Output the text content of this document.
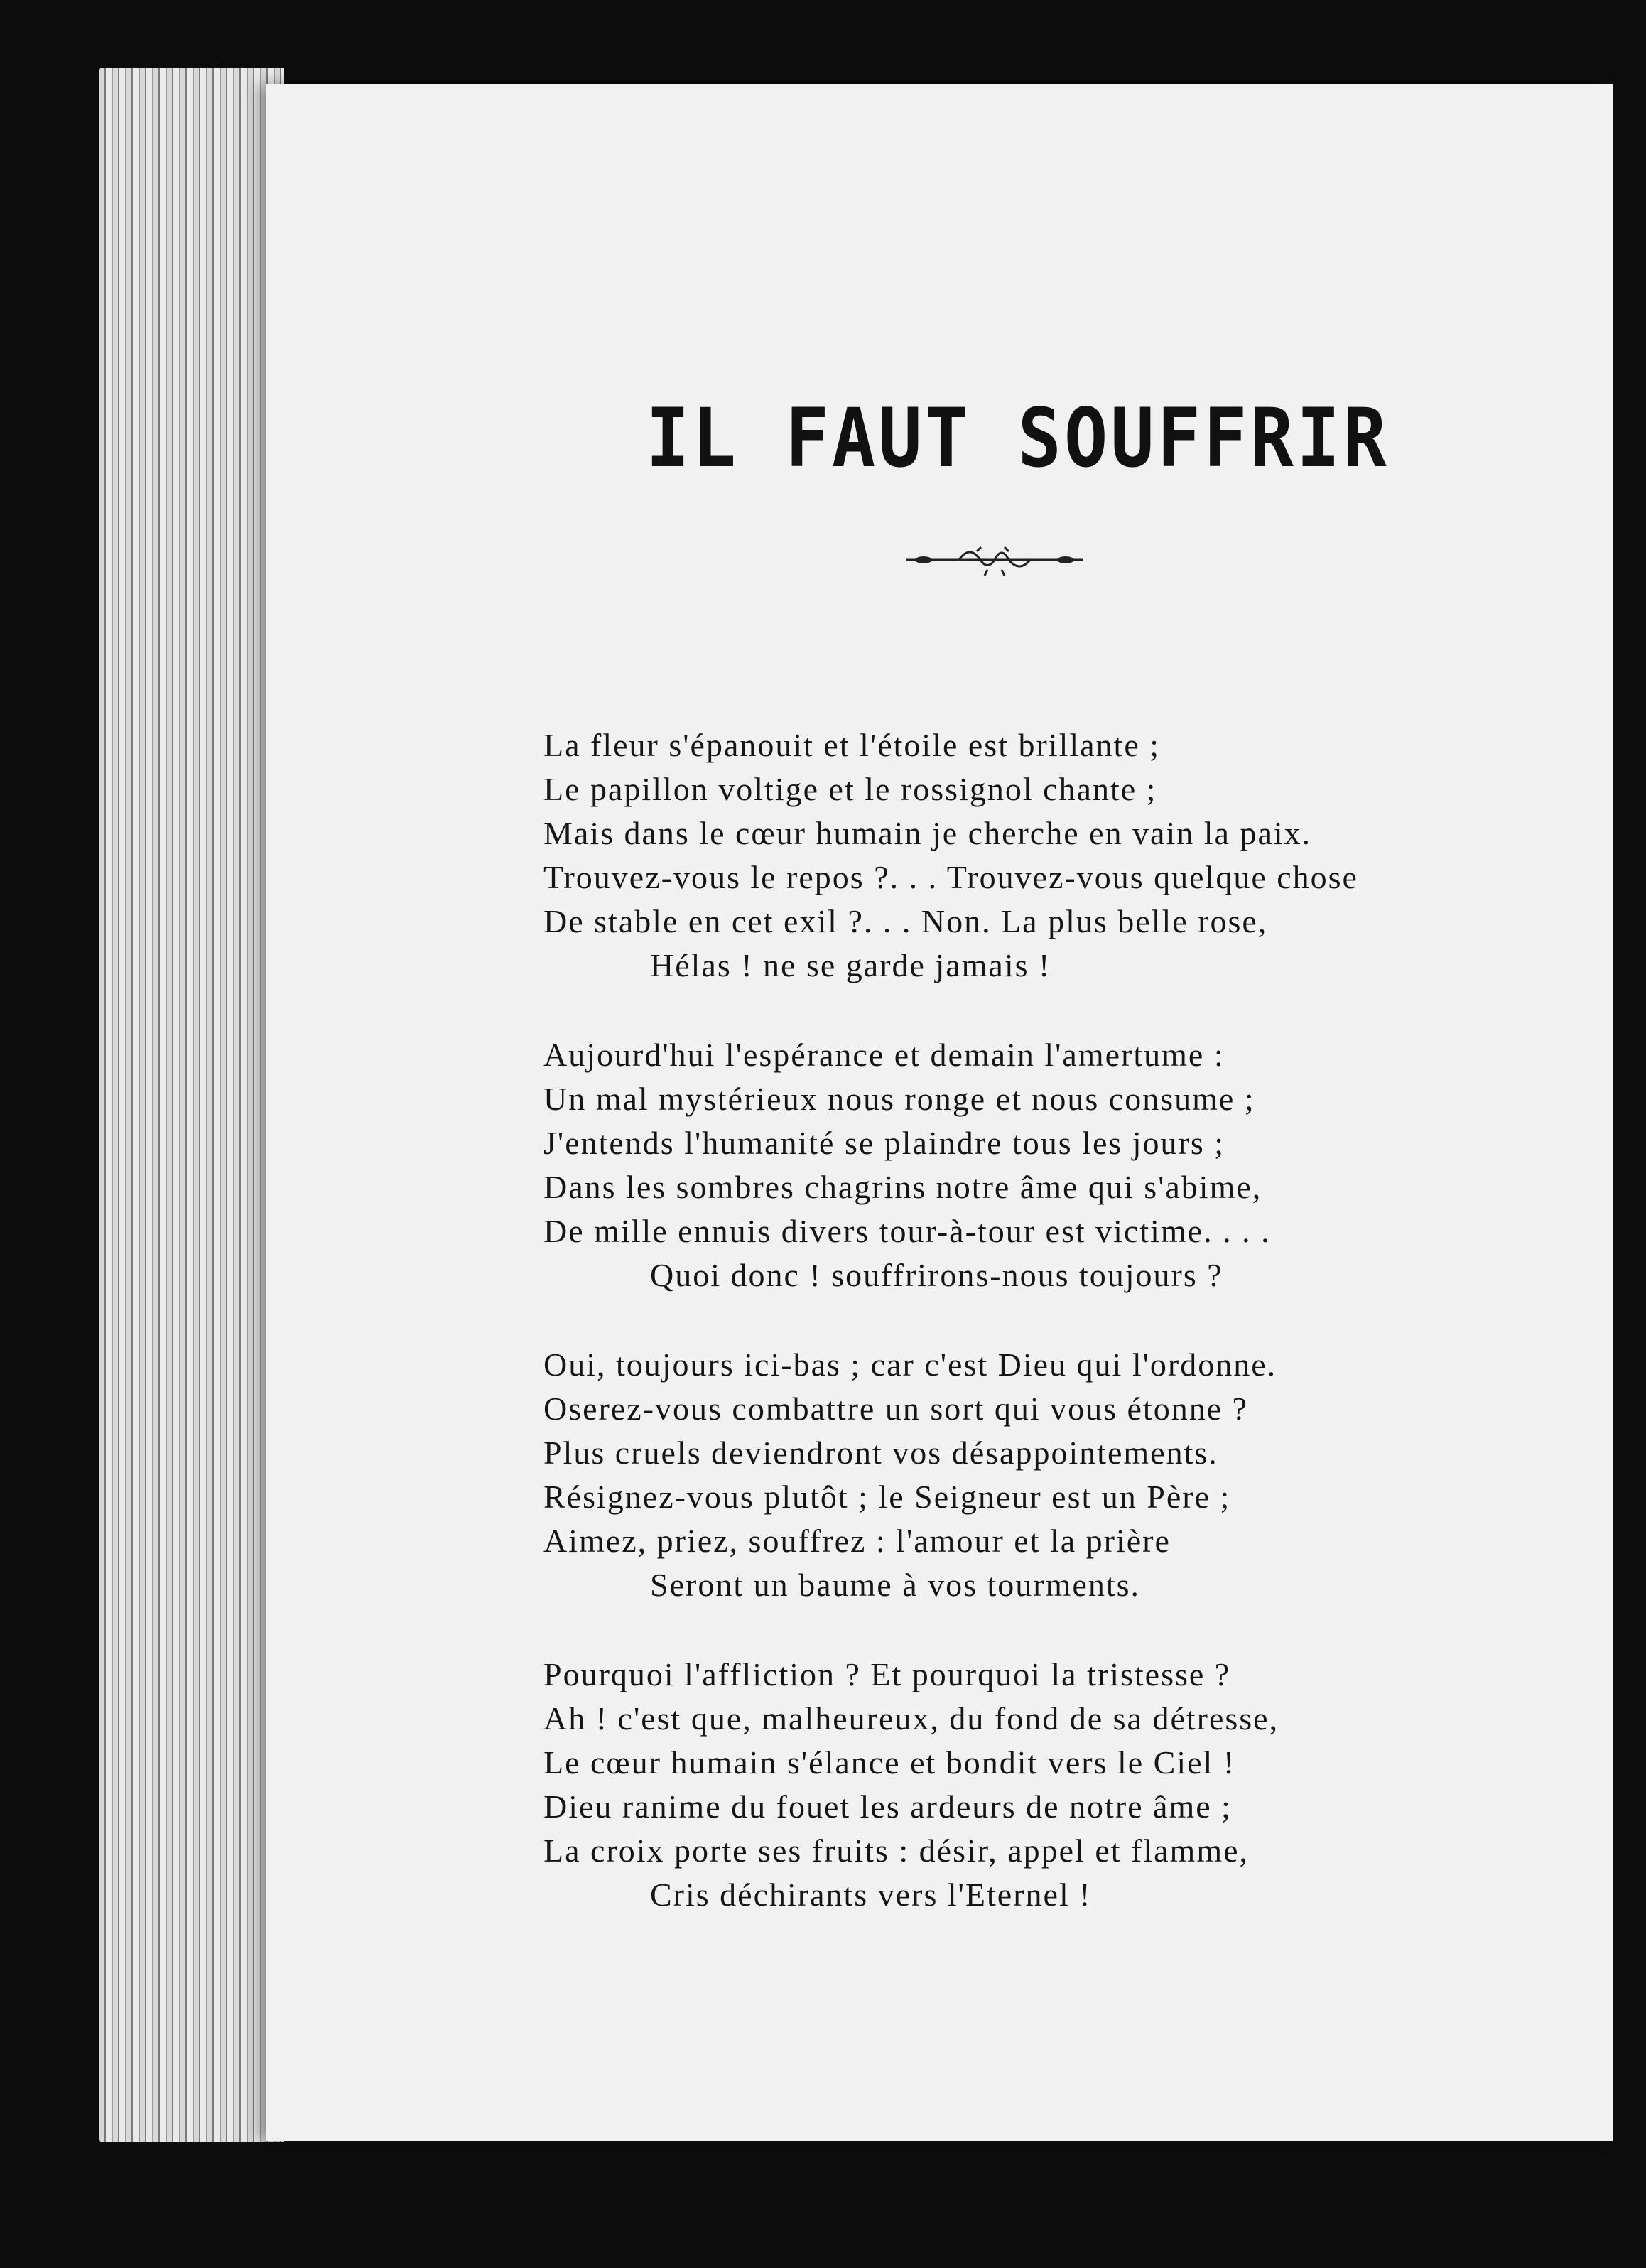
IL FAUT SOUFFRIR
La fleur s'épanouit et l'étoile est brillante ;
Le papillon voltige et le rossignol chante ;
Mais dans le cœur humain je cherche en vain la paix.
Trouvez-vous le repos ?. . . Trouvez-vous quelque chose
De stable en cet exil ?. . . Non. La plus belle rose,
Hélas ! ne se garde jamais !
Aujourd'hui l'espérance et demain l'amertume :
Un mal mystérieux nous ronge et nous consume ;
J'entends l'humanité se plaindre tous les jours ;
Dans les sombres chagrins notre âme qui s'abime,
De mille ennuis divers tour-à-tour est victime. . . .
Quoi donc ! souffrirons-nous toujours ?
Oui, toujours ici-bas ; car c'est Dieu qui l'ordonne.
Oserez-vous combattre un sort qui vous étonne ?
Plus cruels deviendront vos désappointements.
Résignez-vous plutôt ; le Seigneur est un Père ;
Aimez, priez, souffrez : l'amour et la prière
Seront un baume à vos tourments.
Pourquoi l'affliction ? Et pourquoi la tristesse ?
Ah ! c'est que, malheureux, du fond de sa détresse,
Le cœur humain s'élance et bondit vers le Ciel !
Dieu ranime du fouet les ardeurs de notre âme ;
La croix porte ses fruits : désir, appel et flamme,
Cris déchirants vers l'Eternel !
